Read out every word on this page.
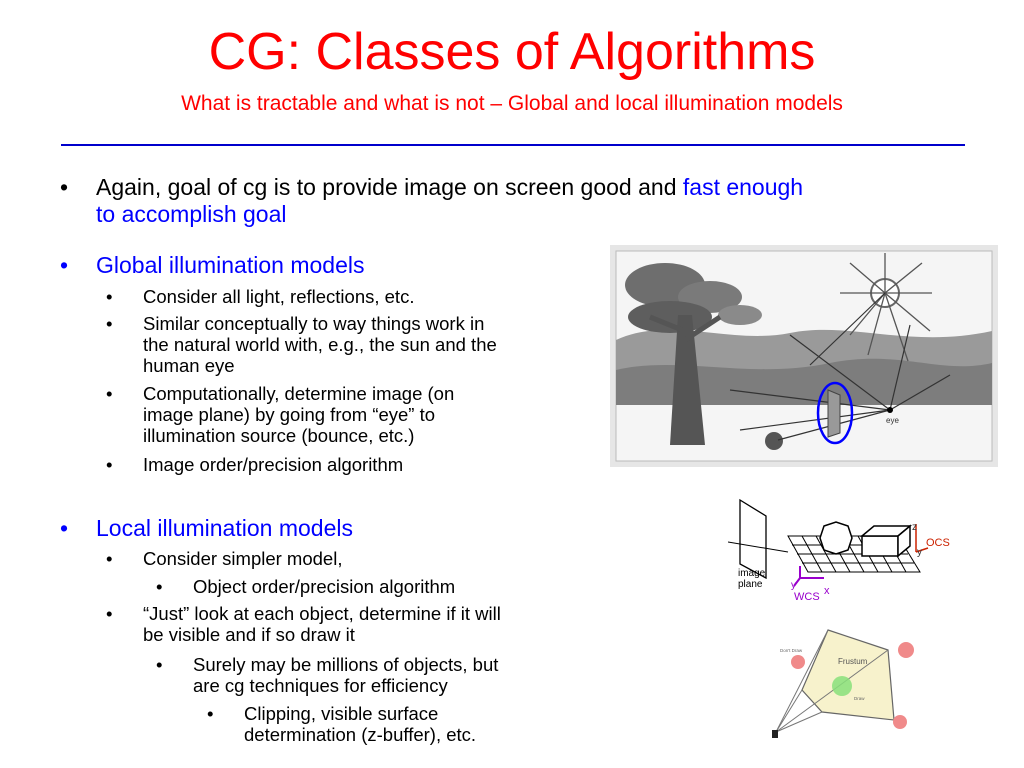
CG: Classes of Algorithms
What is tractable and what is not – Global and local illumination models
• Again, goal of cg is to provide image on screen good and fast enough
to accomplish goal
• Global illumination models
• Consider all light, reflections, etc.
• Similar conceptually to way things work in
the natural world with, e.g., the sun and the
human eye
• Computationally, determine image (on
image plane) by going from “eye” to
illumination source (bounce, etc.)
• Image order/precision algorithm
• Local illumination models
• Consider simpler model,
• Object order/precision algorithm
• “Just” look at each object, determine if it will
be visible and if so draw it
• Surely may be millions of objects, but
are cg techniques for efficiency
• Clipping, visible surface
determination (z-buffer), etc.
eye
z
y
OCS
y	x
WCS
image
plane
Frustum
Don't Draw
Draw
